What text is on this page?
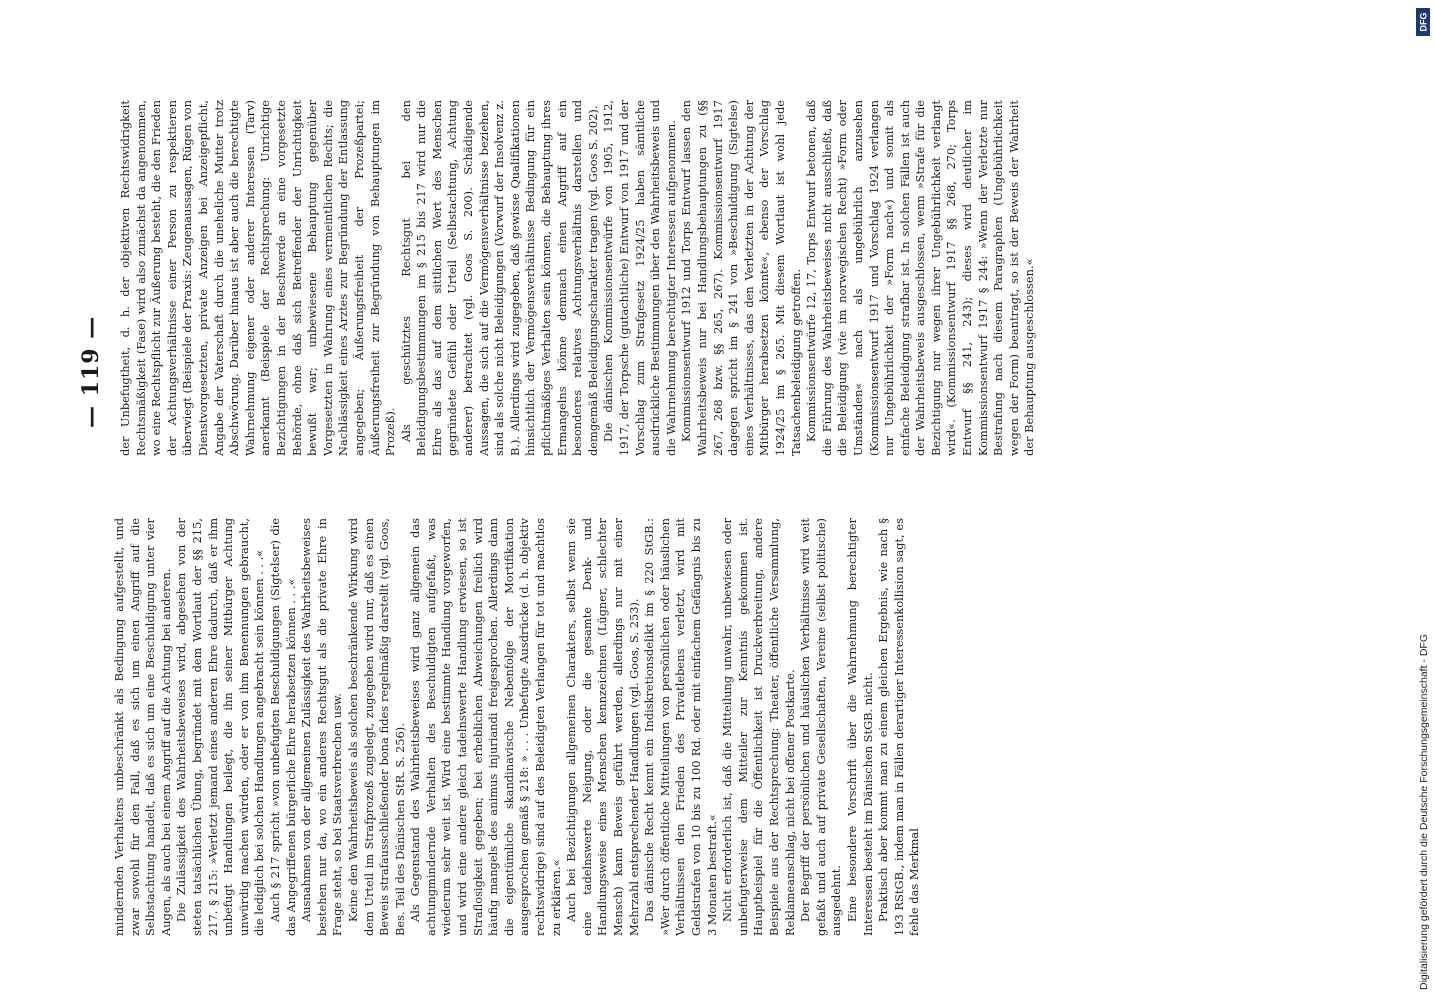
— 119 —

mindernden Verhaltens unbeschränkt als Bedingung aufgestellt, und zwar sowohl für den Fall, daß es sich um einen Angriff auf die Selbstachtung handelt, daß es sich um eine Beschuldigung unter vier Augen, als auch bei einem Angriff auf die Achtung bei anderen. Die Zulässigkeit des Wahrheitsbeweises wird, abgesehen von der steten tatsächlichen Übung, begründet mit dem Wortlaut der §§ 215, 217. § 215: »Verletzt jemand eines anderen Ehre dadurch, daß er ihm unbefugt Handlungen beilegt, die ihn seiner Mitbürger Achtung unwürdig machen würden, oder er von ihm Benennungen gebraucht, die lediglich bei solchen Handlungen angebracht sein können . . .« Auch § 217 spricht »von unbefugten Beschuldigungen (Sigtelser) die das Angegriffenen bürgerliche Ehre herabsetzen können . . .« Ausnahmen von der allgemeinen Zulässigkeit des Wahrheitsbeweises bestehen nur da, wo ein anderes Rechtsgut als die private Ehre in Frage steht, so bei Staatsverbrechen usw. Keine den Wahrheitsbeweis als solchen beschränkende Wirkung wird dem Urteil im Strafprozeß zugelegt, zugegeben wird nur, daß es einen Beweis strafausschließender bona fides regelmäßig darstellt (vgl. Goos, Bes. Teil des Dänischen StR. S. 256). Als Gegenstand des Wahrheitsbeweises wird ganz allgemein das achtungmindernde Verhalten des Beschuldigten aufgefaßt, was wiederum sehr weit ist. Wird eine bestimmte Handlung vorgeworfen, und wird eine andere gleich tadelnswerte Handlung erwiesen, so ist Straflosigkeit gegeben; bei erheblichen Abweichungen freilich wird häufig mangels des animus injuriandi freigesprochen. Allerdings dann die eigentümliche skandinavische Nebenfolge der Mortifikation ausgesprochen gemäß § 218: » . . . Unbefugte Ausdrücke (d. h. objektiv rechtswidrige) sind auf des Beleidigten Verlangen für tot und machtlos zu erklären.« Auch bei Bezichtigungen allgemeinen Charakters, selbst wenn sie eine tadelnswerte Neigung, oder die gesamte Denk- und Handlungsweise eines Menschen kennzeichnen (Lügner, schlechter Mensch) kann Beweis geführt werden, allerdings nur mit einer Mehrzahl entsprechender Handlungen (vgl. Goos, S. 253). Das dänische Recht kennt ein Indiskretionsdelikt im § 220 StGB.: »Wer durch öffentliche Mitteilungen von persönlichen oder häuslichen Verhältnissen den Frieden des Privatlebens verletzt, wird mit Geldstrafen von 10 bis zu 100 Rd. oder mit einfachem Gefängnis bis zu 3 Monaten bestraft.« Nicht erforderlich ist, daß die Mitteilung unwahr, unbewiesen oder unbefugterweise dem Mitteiler zur Kenntnis gekommen ist. Hauptbeispiel für die Öffentlichkeit ist Druckverbreitung, andere Beispiele aus der Rechtsprechung: Theater, öffentliche Versammlung, Reklameanschlag, nicht bei offener Postkarte. Der Begriff der persönlichen und häuslichen Verhältnisse wird weit gefaßt und auch auf private Gesellschaften, Vereine (selbst politische) ausgedehnt. Eine besondere Vorschrift über die Wahrnehmung berechtigter Interessen besteht im Dänischen StGB. nicht. Praktisch aber kommt man zu einem gleichen Ergebnis, wie nach § 193 RStGB., indem man in Fällen derartiger Interessenkollision sagt, es fehle das Merkmal

der Unbefugtheit, d. h. der objektiven Rechtswidrigkeit Rechtsmäßigkeit (Fase) wird also zunächst da angenommen, wo eine Rechtspflicht zur Äußerung besteht, die den Frieden der Achtungsverhältnisse einer Person zu respektieren überwiegt (Beispiele der Praxis: Zeugenaussagen, Rügen von Dienstvorgesetzten, private Anzeigen bei Anzeigepflicht, Angabe der Vaterschaft durch die uneheliche Mutter trotz Abschwörung. Darüber hinaus ist aber auch die berechtigte Wahrnehmung eigener oder anderer Interessen (Tarv) anerkannt (Beispiele der Rechtsprechung: Unrichtige Bezichtigungen in der Beschwerde an eine vorgesetzte Behörde, ohne daß sich Betreffender der Unrichtigkeit bewußt war; unbewiesene Behauptung gegenüber Vorgesetzten in Wahrung eines vermeintlichen Rechts; die Nachlässigkeit eines Arztes zur Begründung der Entlassung angegeben; Äußerungsfreiheit der Prozeßpartei; Äußerungsfreiheit zur Begründung von Behauptungen im Prozeß). Als geschütztes Rechtsgut bei den Beleidigungsbestimmungen im § 215 bis 217 wird nur die Ehre als das auf dem sittlichen Wert des Menschen gegründete Gefühl oder Urteil (Selbstachtung, Achtung anderer) betrachtet (vgl. Goos S. 200). Schädigende Aussagen, die sich auf die Vermögensverhältnisse beziehen, sind als solche nicht Beleidigungen (Vorwurf der Insolvenz z. B.). Allerdings wird zugegeben, daß gewisse Qualifikationen hinsichtlich der Vermögensverhältnisse Bedingung für ein pflichtmäßiges Verhalten sein können, die Behauptung ihres Ermangelns könne demnach einen Angriff auf ein besonderes relatives Achtungsverhältnis darstellen und demgemäß Beleidigungscharakter tragen (vgl. Goos S. 202). Die dänischen Kommissionsentwürfe von 1905, 1912, 1917, der Torpsche (gutachtliche) Entwurf von 1917 und der Vorschlag zum Strafgesetz 1924/25 haben sämtliche ausdrückliche Bestimmungen über den Wahrheitsbeweis und die Wahrnehmung berechtigter Interessen aufgenommen. Kommissionsentwurf 1912 und Torps Entwurf lassen den Wahrheitsbeweis nur bei Handlungsbehauptungen zu (§§ 267, 268 bzw. §§ 265, 267). Kommissionsentwurf 1917 dagegen spricht im § 241 von »Beschuldigung (Sigtelse) eines Verhältnisses, das den Verletzten in der Achtung der Mitbürger herabsetzen könnte«, ebenso der Vorschlag 1924/25 im § 265. Mit diesem Wortlaut ist wohl jede Tatsachenbeleidigung getroffen. Kommissionsentwürfe 12, 17, Torps Entwurf betonen, daß die Führung des Wahrheitsbeweises nicht ausschließt, daß die Beleidigung (wie im norwegischen Recht) »Form oder Umständen« nach als ungebührlich anzusehen (Kommissionsentwurf 1917 und Vorschlag 1924 verlangen nur Ungebührlichkeit der »Form nach«) und somit als einfache Beleidigung strafbar ist. In solchen Fällen ist auch der Wahrheitsbeweis ausgeschlossen, wenn »Strafe für die Bezichtigung nur wegen ihrer Ungebührlichkeit verlangt wird«. (Kommissionsentwurf 1917 §§ 268, 270; Torps Entwurf §§ 241, 243); dieses wird deutlicher im Kommissionsentwurf 1917 § 244: »Wenn der Verletzte nur Bestrafung nach diesem Paragraphen (Ungebührlichkeit wegen der Form) beantragt, so ist der Beweis der Wahrheit der Behauptung ausgeschlossen.«

Digitalisierung gefördert durch die Deutsche Forschungsgemeinschaft - DFG
DFG
